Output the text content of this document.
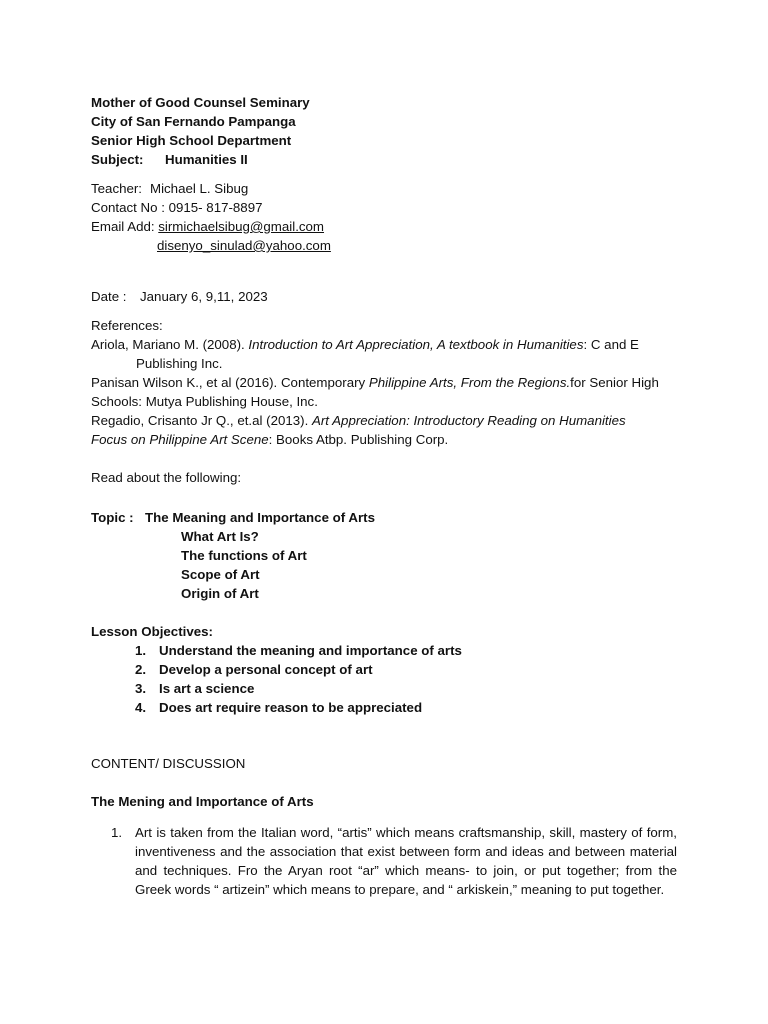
Mother of Good Counsel Seminary
City of San Fernando Pampanga
Senior High School Department
Subject: Humanities II
Teacher: Michael L. Sibug
Contact No : 0915- 817-8897
Email Add: sirmichaelsibug@gmail.com
disenyo_sinulad@yahoo.com
Date : January 6, 9,11, 2023
References:
Ariola, Mariano M. (2008). Introduction to Art Appreciation, A textbook in Humanities: C and E
Publishing Inc.
Panisan Wilson K., et al (2016). Contemporary Philippine Arts, From the Regions.for Senior High
Schools: Mutya Publishing House, Inc.
Regadio, Crisanto Jr Q., et.al (2013). Art Appreciation: Introductory Reading on Humanities
Focus on Philippine Art Scene: Books Atbp. Publishing Corp.
Read about the following:
Topic : The Meaning and Importance of Arts
What Art Is?
The functions of Art
Scope of Art
Origin of Art
Lesson Objectives:
1. Understand the meaning and importance of arts
2. Develop a personal concept of art
3. Is art a science
4. Does art require reason to be appreciated
CONTENT/ DISCUSSION
The Mening and Importance of Arts
1. Art is taken from the Italian word, “artis” which means craftsmanship, skill, mastery of form, inventiveness and the association that exist between form and ideas and between material and techniques. Fro the Aryan root “ar” which means- to join, or put together; from the Greek words “ artizein” which means to prepare, and “ arkiskein,” meaning to put together.
